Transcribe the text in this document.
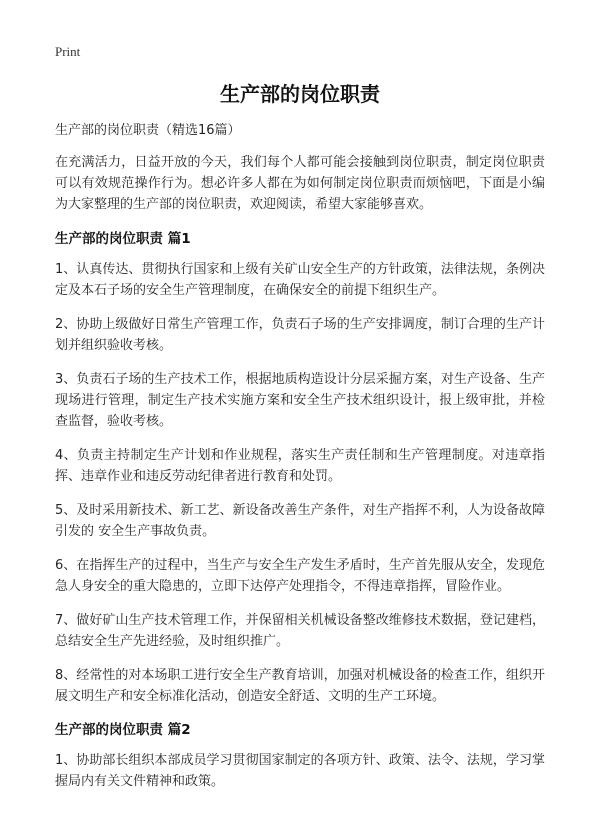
Print
生产部的岗位职责
生产部的岗位职责（精选16篇）

在充满活力，日益开放的今天，我们每个人都可能会接触到岗位职责，制定岗位职责可以有效规范操作行为。想必许多人都在为如何制定岗位职责而烦恼吧，下面是小编为大家整理的生产部的岗位职责，欢迎阅读，希望大家能够喜欢。

生产部的岗位职责 篇1

1、认真传达、贯彻执行国家和上级有关矿山安全生产的方针政策，法律法规，条例决定及本石子场的安全生产管理制度，在确保安全的前提下组织生产。

2、协助上级做好日常生产管理工作，负责石子场的生产安排调度，制订合理的生产计划并组织验收考核。

3、负责石子场的生产技术工作，根据地质构造设计分层采掘方案，对生产设备、生产现场进行管理，制定生产技术实施方案和安全生产技术组织设计，报上级审批，并检查监督，验收考核。

4、负责主持制定生产计划和作业规程，落实生产责任制和生产管理制度。对违章指挥、违章作业和违反劳动纪律者进行教育和处罚。

5、及时采用新技术、新工艺、新设备改善生产条件，对生产指挥不利，人为设备故障引发的 安全生产事故负责。

6、在指挥生产的过程中，当生产与安全生产发生矛盾时，生产首先服从安全，发现危急人身安全的重大隐患的，立即下达停产处理指令，不得违章指挥，冒险作业。

7、做好矿山生产技术管理工作，并保留相关机械设备整改维修技术数据，登记建档，总结安全生产先进经验，及时组织推广。

8、经常性的对本场职工进行安全生产教育培训，加强对机械设备的检查工作，组织开展文明生产和安全标准化活动，创造安全舒适、文明的生产工环境。

生产部的岗位职责 篇2

1、协助部长组织本部成员学习贯彻国家制定的各项方针、政策、法令、法规，学习掌握局内有关文件精神和政策。
